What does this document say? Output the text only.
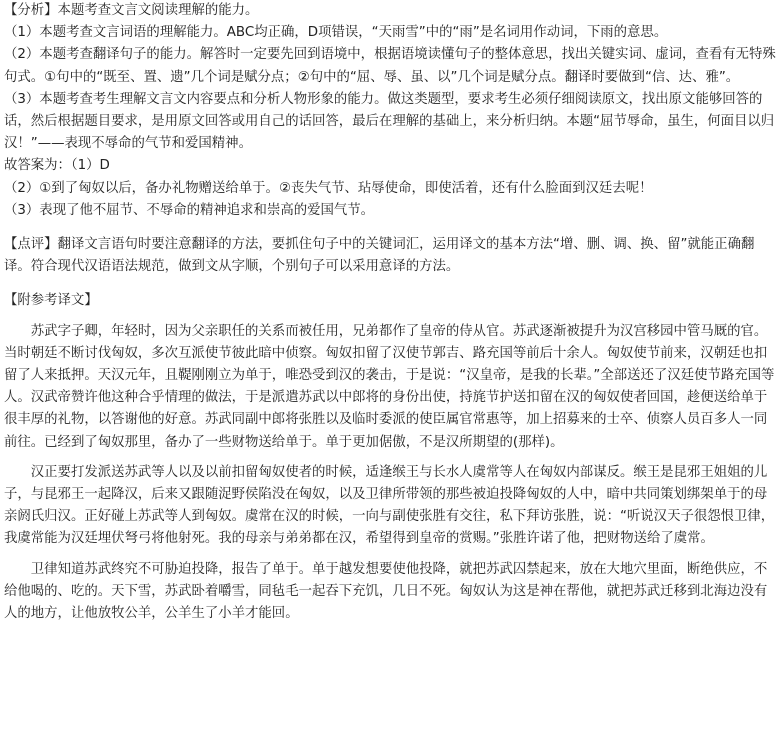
【分析】本题考查文言文阅读理解的能力。

（1）本题考查文言词语的理解能力。ABC均正确，D项错误，“天雨雪”中的“雨”是名词用作动词，下雨的意思。

（2）本题考查翻译句子的能力。解答时一定要先回到语境中，根据语境读懂句子的整体意思，找出关键实词、虚词，查看有无特殊句式。①句中的“既至、置、遗”几个词是赋分点；②句中的“屈、辱、虽、以”几个词是赋分点。翻译时要做到“信、达、雅”。

（3）本题考查考生理解文言文内容要点和分析人物形象的能力。做这类题型，要求考生必须仔细阅读原文，找出原文能够回答的话，然后根据题目要求，是用原文回答或用自己的话回答，最后在理解的基础上，来分析归纳。本题“屈节辱命，虽生，何面目以归汉！”——表现不辱命的气节和爱国精神。

故答案为：（1）D

（2）①到了匈奴以后，备办礼物赠送给单于。②丧失气节、玷辱使命，即使活着，还有什么脸面到汉廷去呢！

（3）表现了他不屈节、不辱命的精神追求和崇高的爱国气节。

【点评】翻译文言语句时要注意翻译的方法，要抓住句子中的关键词汇，运用译文的基本方法“增、删、调、换、留”就能正确翻译。符合现代汉语语法规范，做到文从字顺，个别句子可以采用意译的方法。

【附参考译文】

苏武字子卿，年轻时，因为父亲职任的关系而被任用，兄弟都作了皇帝的侍从官。苏武逐渐被提升为汉宫移园中管马厩的官。当时朝廷不断讨伐匈奴，多次互派使节彼此暗中侦察。匈奴扣留了汉使节郭吉、路充国等前后十余人。匈奴使节前来，汉朝廷也扣留了人来抵押。天汉元年，且鞮刚刚立为单于，唯恐受到汉的袭击，于是说：“汉皇帝，是我的长辈。”全部送还了汉廷使节路充国等人。汉武帝赞许他这种合乎情理的做法，于是派遣苏武以中郎将的身份出使，持旄节护送扣留在汉的匈奴使者回国，趁便送给单于很丰厚的礼物，以答谢他的好意。苏武同副中郎将张胜以及临时委派的使臣属官常惠等，加上招募来的士卒、侦察人员百多人一同前往。已经到了匈奴那里，备办了一些财物送给单于。单于更加倨傲，不是汉所期望的(那样)。

汉正要打发派送苏武等人以及以前扣留匈奴使者的时候，适逢缑王与长水人虞常等人在匈奴内部谋反。缑王是昆邪王姐姐的儿子，与昆邪王一起降汉，后来又跟随浞野侯陷没在匈奴，以及卫律所带领的那些被迫投降匈奴的人中，暗中共同策划绑架单于的母亲阏氏归汉。正好碰上苏武等人到匈奴。虞常在汉的时候，一向与副使张胜有交往，私下拜访张胜，说：“听说汉天子很怨恨卫律，我虞常能为汉廷埋伏弩弓将他射死。我的母亲与弟弟都在汉，希望得到皇帝的赏赐。”张胜许诺了他，把财物送给了虞常。

卫律知道苏武终究不可胁迫投降，报告了单于。单于越发想要使他投降，就把苏武囚禁起来，放在大地穴里面，断绝供应，不给他喝的、吃的。天下雪，苏武卧着嚼雪，同毡毛一起吞下充饥，几日不死。匈奴认为这是神在帮他，就把苏武迁移到北海边没有人的地方，让他放牧公羊，公羊生了小羊才能回。
